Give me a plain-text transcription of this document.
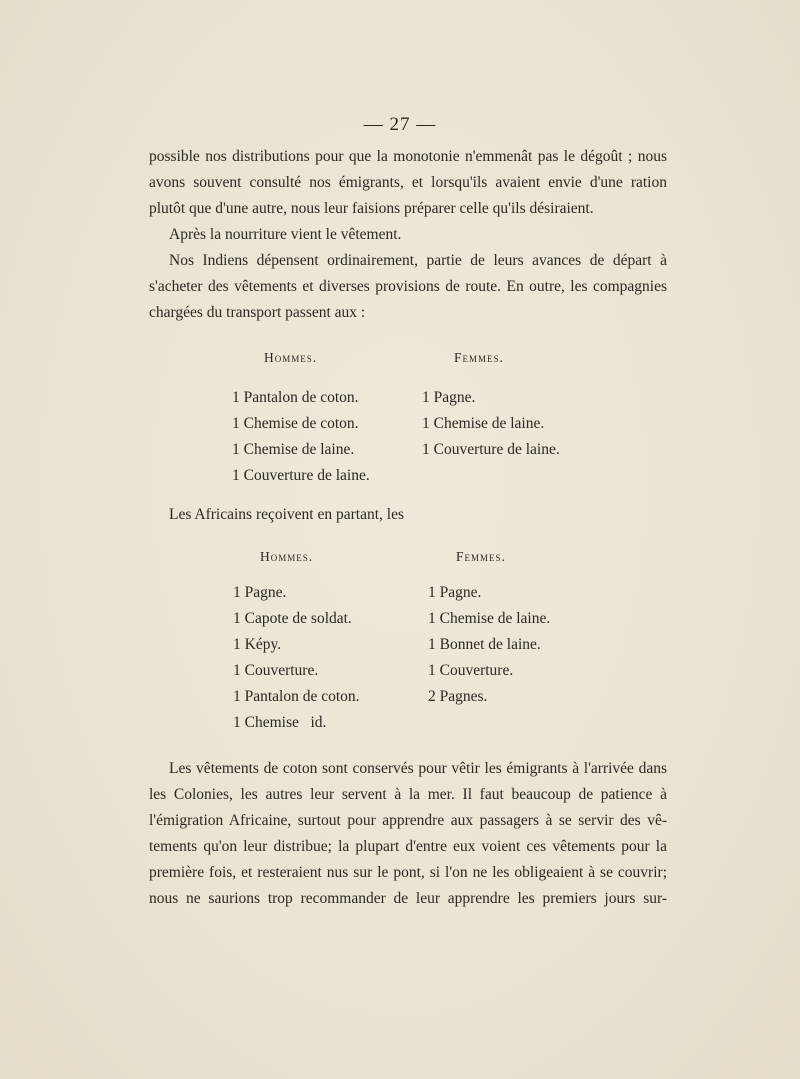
— 27 —
possible nos distributions pour que la monotonie n'emmenât pas le dégoût ; nous
avons souvent consulté nos émigrants, et lorsqu'ils avaient envie d'une ration
plutôt que d'une autre, nous leur faisions préparer celle qu'ils désiraient.
Après la nourriture vient le vêtement.
Nos Indiens dépensent ordinairement, partie de leurs avances de départ à
s'acheter des vêtements et diverses provisions de route. En outre, les compagnies
chargées du transport passent aux :
Hommes.	Femmes.
1 Pantalon de coton.
1 Chemise de coton.
1 Chemise de laine.
1 Couverture de laine.
1 Pagne.
1 Chemise de laine.
1 Couverture de laine.
Les Africains reçoivent en partant, les
Hommes.	Femmes.
1 Pagne.
1 Capote de soldat.
1 Képy.
1 Couverture.
1 Pantalon de coton.
1 Chemise   id.
1 Pagne.
1 Chemise de laine.
1 Bonnet de laine.
1 Couverture.
2 Pagnes.
Les vêtements de coton sont conservés pour vêtir les émigrants à l'arrivée dans
les Colonies, les autres leur servent à la mer. Il faut beaucoup de patience à
l'émigration Africaine, surtout pour apprendre aux passagers à se servir des vê-
tements qu'on leur distribue; la plupart d'entre eux voient ces vêtements pour la
première fois, et resteraient nus sur le pont, si l'on ne les obligeaient à se couvrir;
nous ne saurions trop recommander de leur apprendre les premiers jours sur-
